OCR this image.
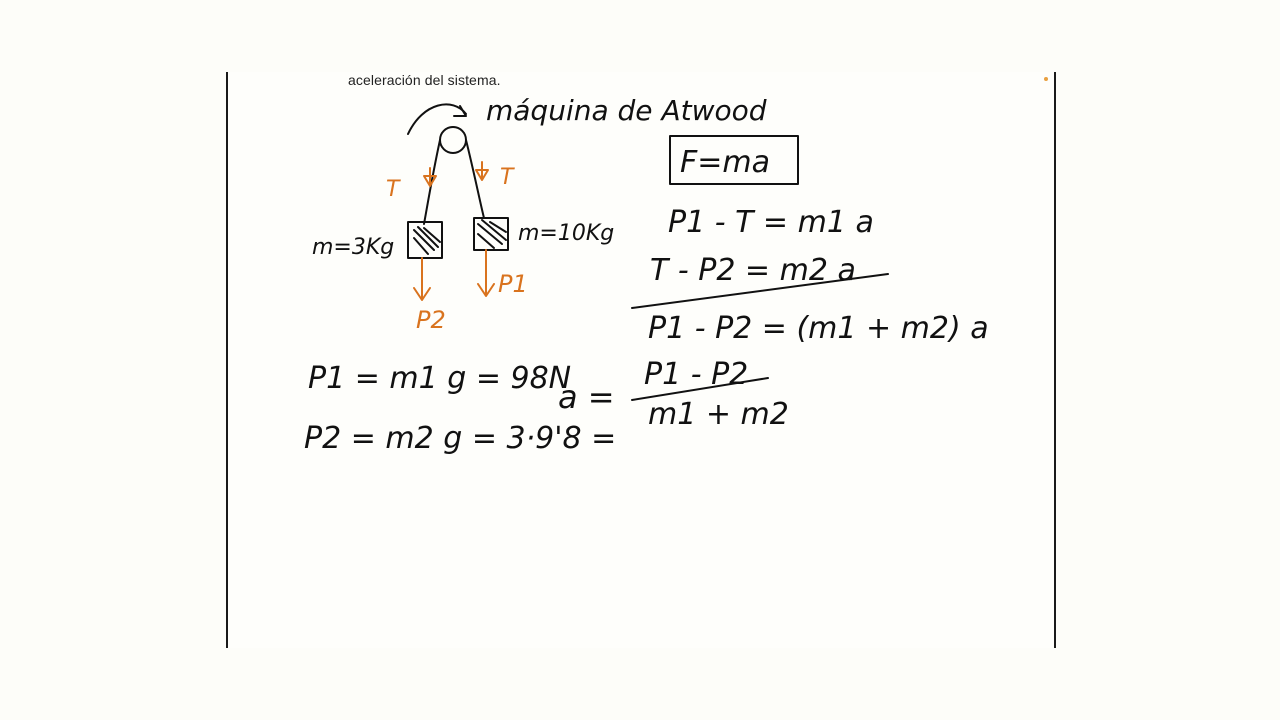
aceleración del sistema.
máquina de Atwood
m=3Kg
m=10Kg
T	T
P2
P1
F=ma
P1 - T = m1 a
T - P2 = m2 a
P1 - P2 = (m1 + m2) a
P1 = m1 g = 98N
P2 = m2 g = 3·9'8 =
a =
P1 - P2
m1 + m2
